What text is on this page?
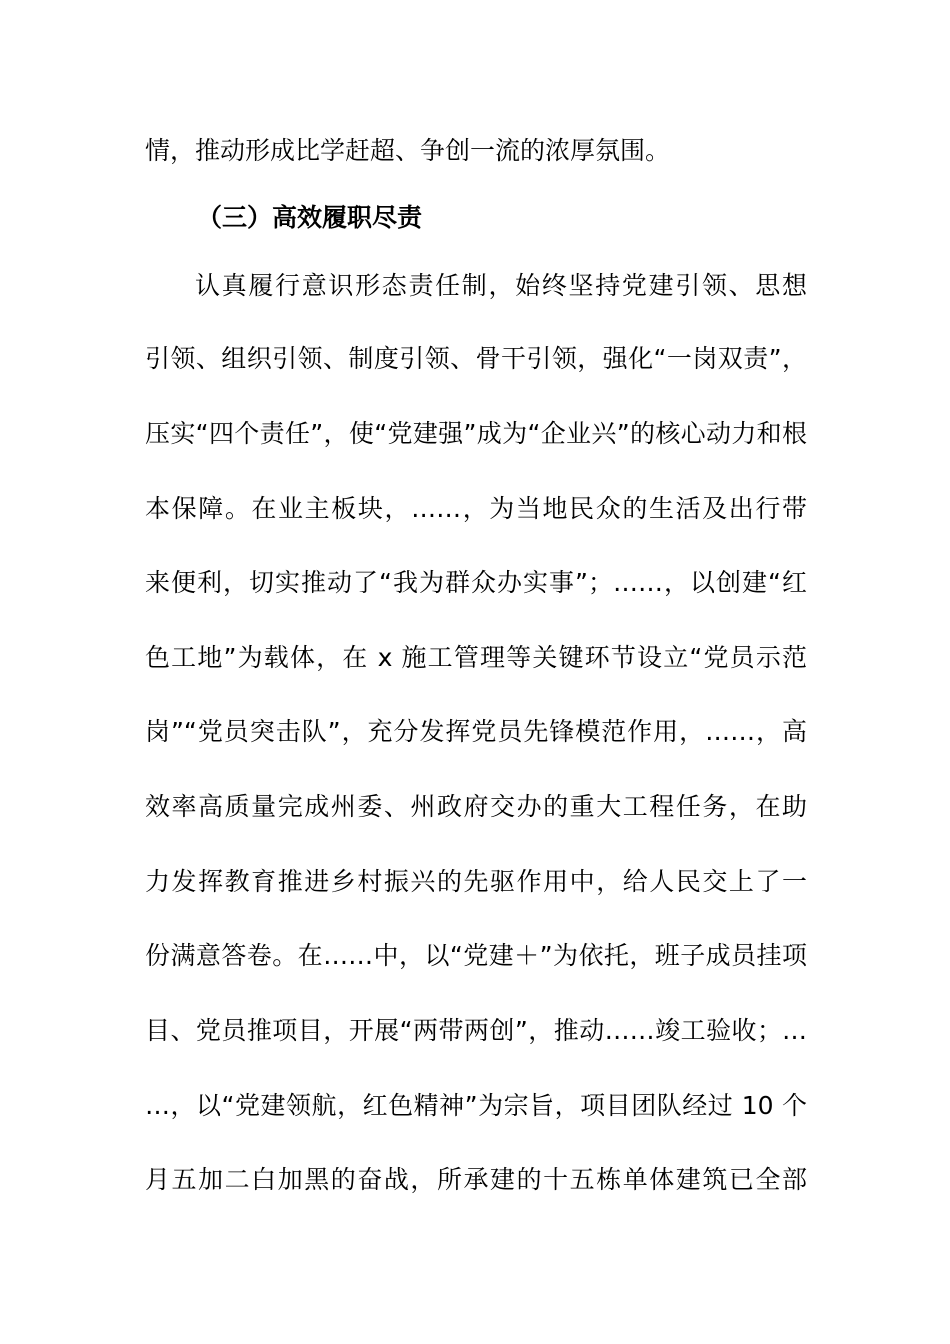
情，推动形成比学赶超、争创一流的浓厚氛围。
（三）高效履职尽责
认真履行意识形态责任制，始终坚持党建引领、思想
引领、组织引领、制度引领、骨干引领，强化“一岗双责”，
压实“四个责任”，使“党建强”成为“企业兴”的核心动力和根
本保障。在业主板块，……，为当地民众的生活及出行带
来便利，切实推动了“我为群众办实事”；……，以创建“红
色工地”为载体，在 x 施工管理等关键环节设立“党员示范
岗”“党员突击队”，充分发挥党员先锋模范作用，……，高
效率高质量完成州委、州政府交办的重大工程任务，在助
力发挥教育推进乡村振兴的先驱作用中，给人民交上了一
份满意答卷。在……中，以“党建＋”为依托，班子成员挂项
目、党员推项目，开展“两带两创”，推动……竣工验收；…
…，以“党建领航，红色精神”为宗旨，项目团队经过 10 个
月五加二白加黑的奋战，所承建的十五栋单体建筑已全部
